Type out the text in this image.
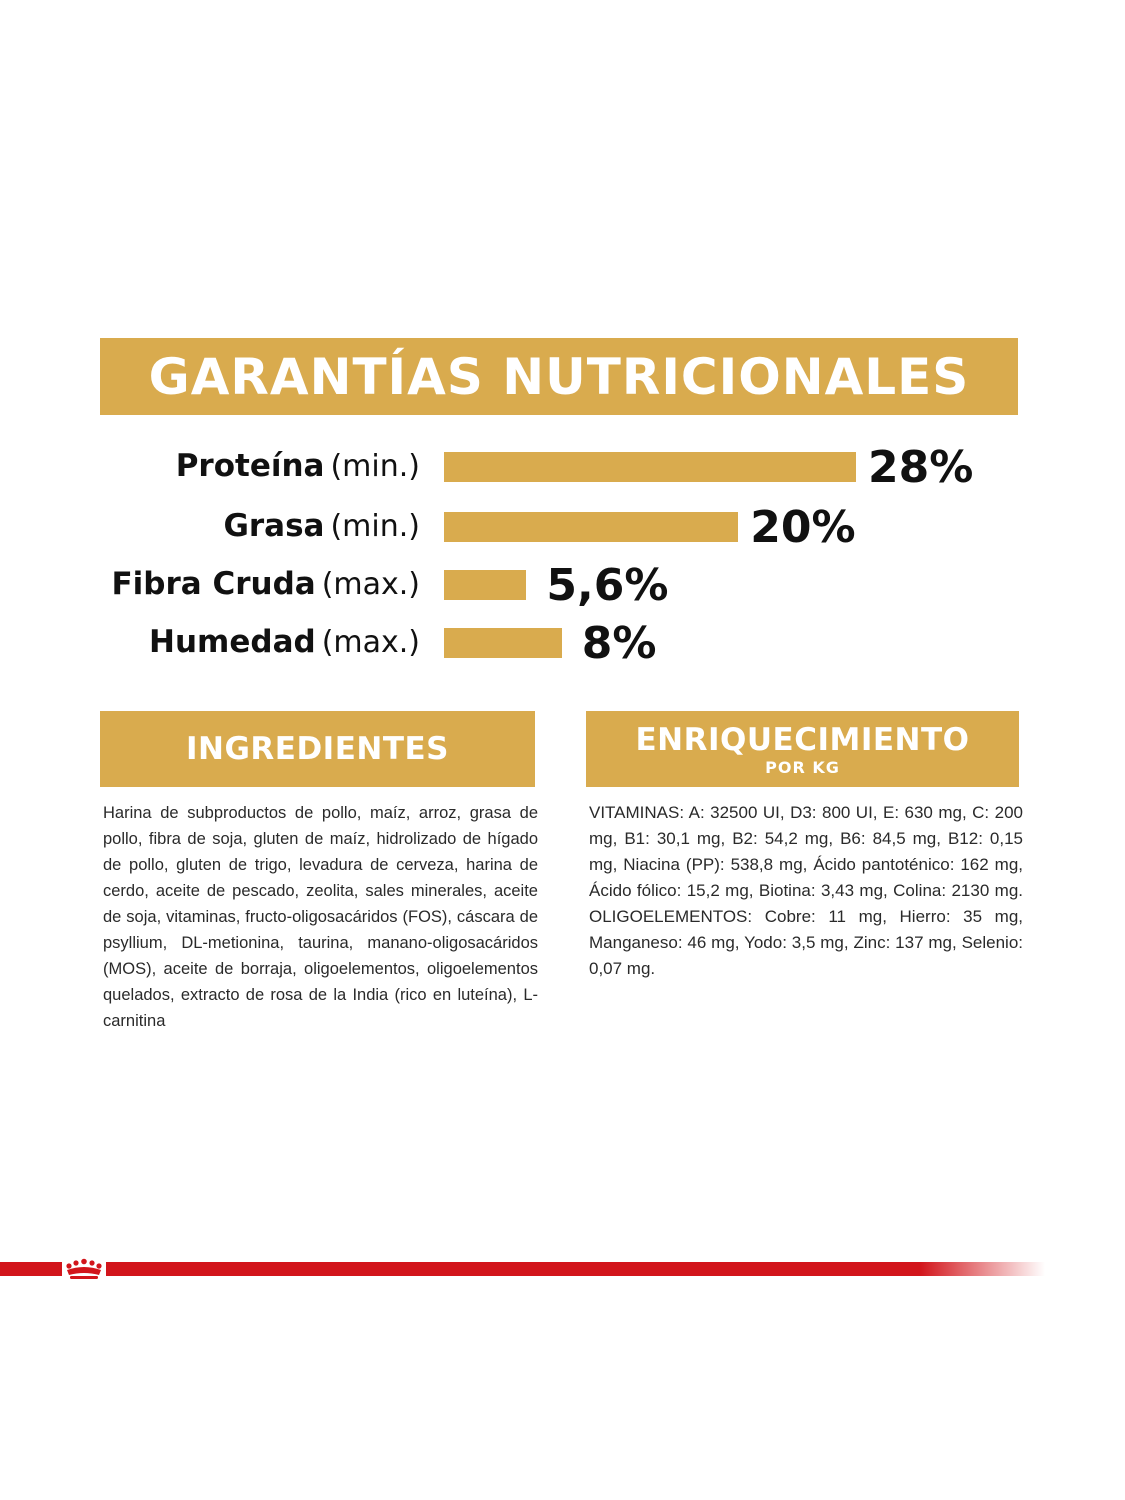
GARANTÍAS NUTRICIONALES
Proteína (min.)	28%
Grasa (min.)	20%
Fibra Cruda (max.)	5,6%
Humedad (max.)	8%
INGREDIENTES	ENRIQUECIMIENTO
POR KG
Harina de subproductos de pollo, maíz, arroz, grasa de pollo, fibra de soja, gluten de maíz, hidrolizado de hígado de pollo, gluten de trigo, levadura de cerveza, harina de cerdo, aceite de pescado, zeolita, sales minerales, aceite de soja, vitaminas, fructo-oligosacáridos (FOS), cáscara de psyllium, DL-metionina, taurina, manano-oligosacáridos (MOS), aceite de borraja, oligoelementos, oligoelementos quelados, extracto de rosa de la India (rico en luteína), L-carnitina
VITAMINAS: A: 32500 UI, D3: 800 UI, E: 630 mg, C: 200 mg, B1: 30,1 mg, B2: 54,2 mg, B6: 84,5 mg, B12: 0,15 mg, Niacina (PP): 538,8 mg, Ácido pantoténico: 162 mg, Ácido fólico: 15,2 mg, Biotina: 3,43 mg, Colina: 2130 mg. OLIGOELEMENTOS: Cobre: 11 mg, Hierro: 35 mg, Manganeso: 46 mg, Yodo: 3,5 mg, Zinc: 137 mg, Selenio: 0,07 mg.
